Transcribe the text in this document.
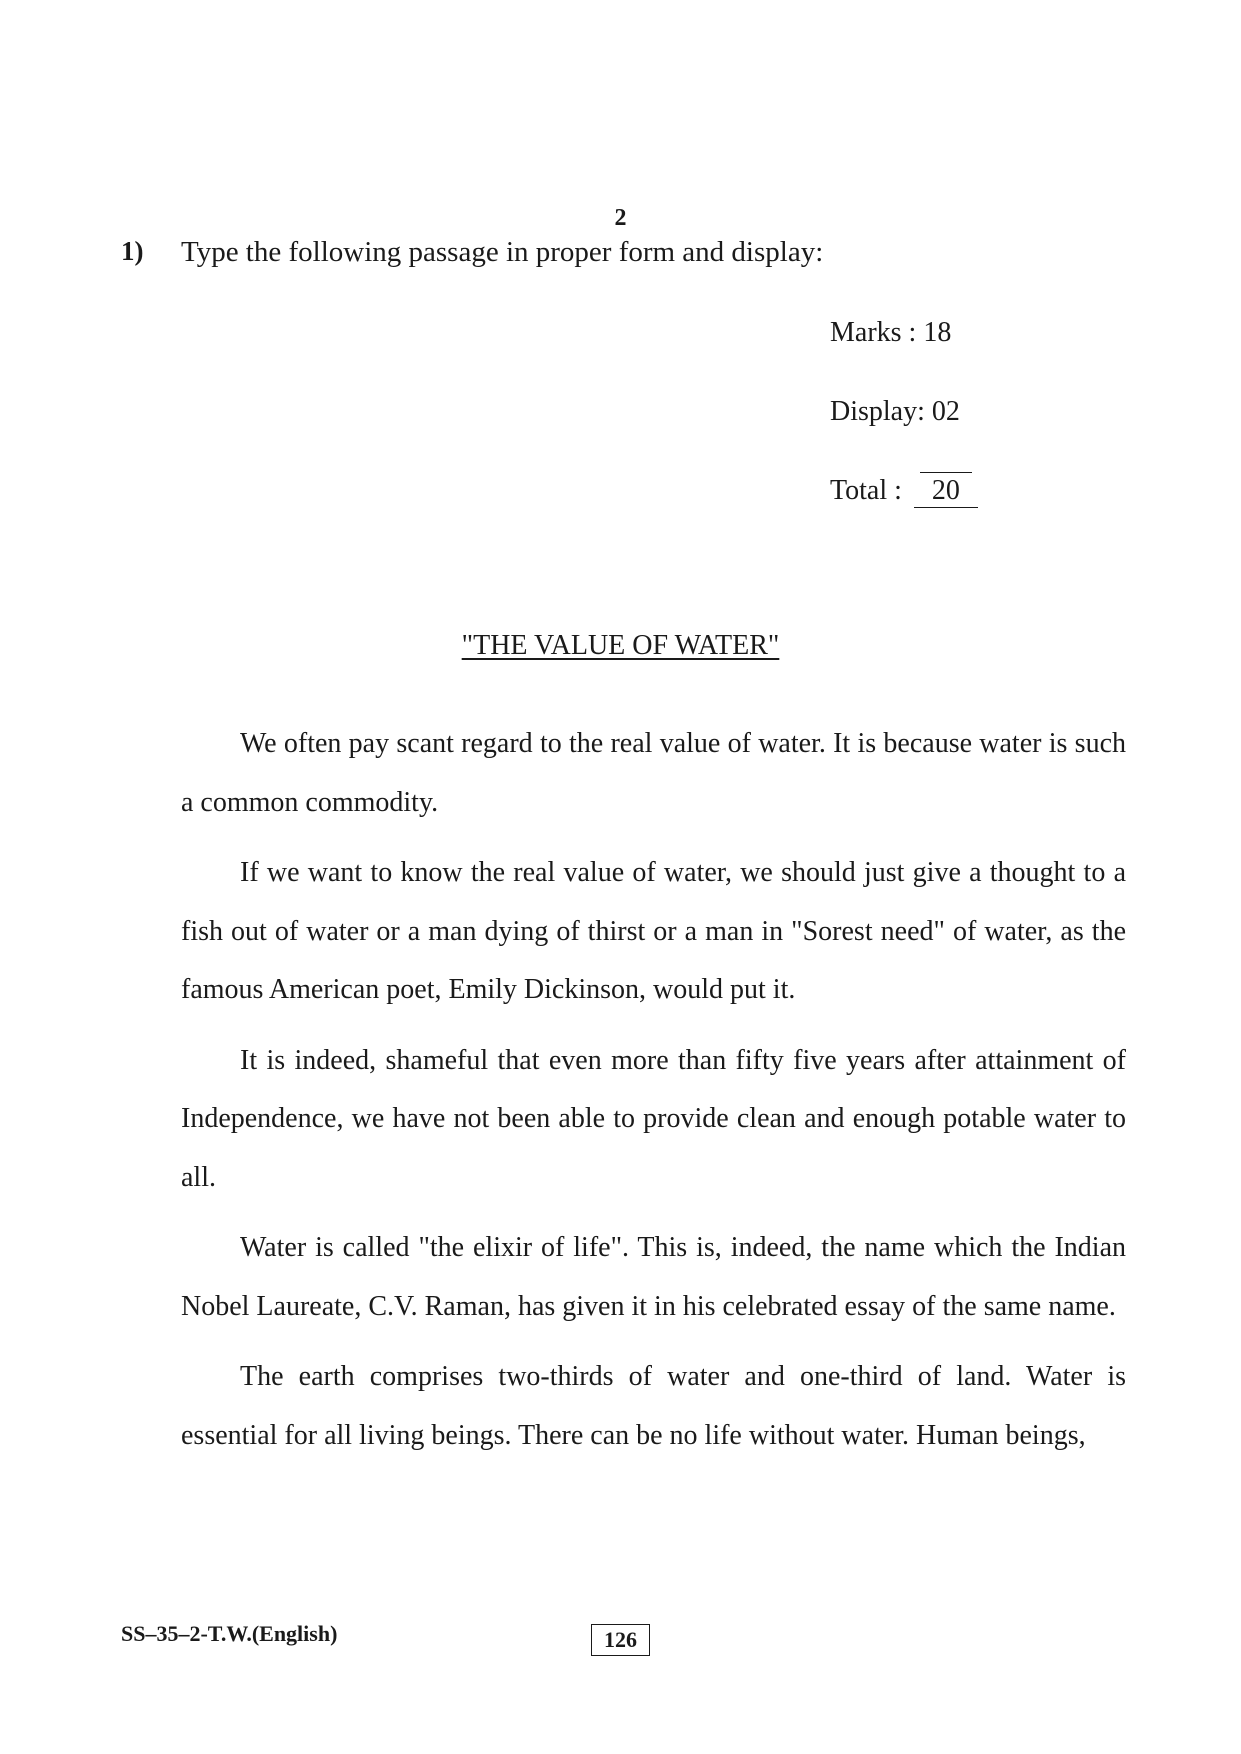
2
1) Type the following passage in proper form and display:
Marks : 18
Display: 02
Total : 20
"THE VALUE OF WATER"

We often pay scant regard to the real value of water. It is because water is such a common commodity.

If we want to know the real value of water, we should just give a thought to a fish out of water or a man dying of thirst or a man in "Sorest need" of water, as the famous American poet, Emily Dickinson, would put it.

It is indeed, shameful that even more than fifty five years after attainment of Independence, we have not been able to provide clean and enough potable water to all.

Water is called "the elixir of life". This is, indeed, the name which the Indian Nobel Laureate, C.V. Raman, has given it in his celebrated essay of the same name.

The earth comprises two-thirds of water and one-third of land. Water is essential for all living beings. There can be no life without water. Human beings,

SS–35–2-T.W.(English)	126
